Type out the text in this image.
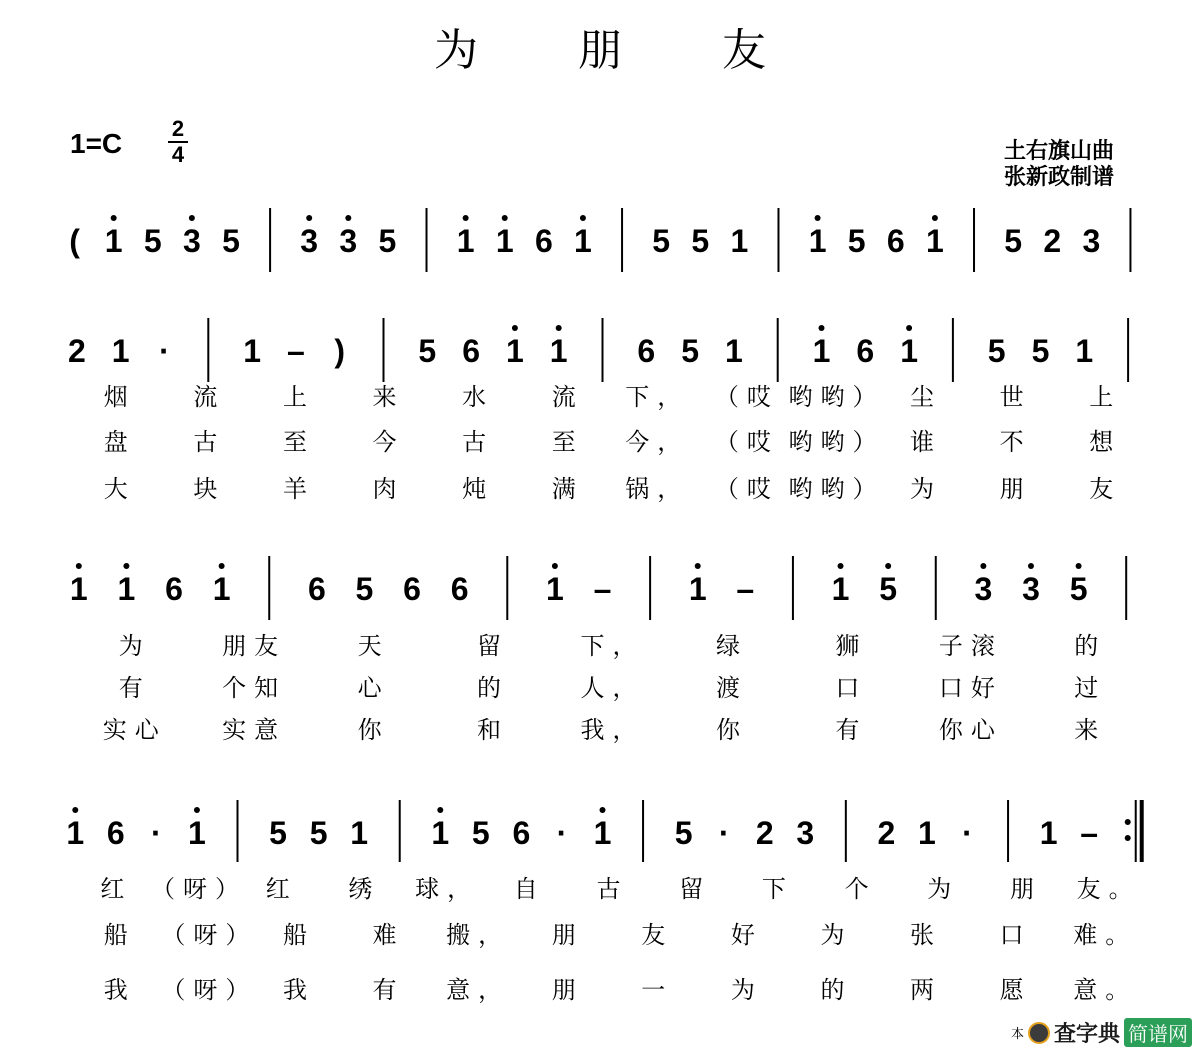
为朋友
1=C 2
4	土右旗山曲
张新政制谱
( 1 5 3 5 3 3 5 1 1 6 1 5 5 1 1 5 6 1 5 2 3
2 1 · 1 – ) 5 6 1 1 6 5 1 1 6 1 5 5 1
烟 流 上 来 水 流 下， （哎 哟哟） 尘 世 上
盘 古 至 今 古 至 今， （哎 哟哟） 谁 不 想
大 块 羊 肉 炖 满 锅， （哎 哟哟） 为 朋 友
1 1 6 1 6 5 6 6 1 – 1 – 1 5 3 3 5
为	朋友	天	留	下，	绿	狮	子滚	的
有	个知	心	的	人，	渡	口	口好	过
实心 实意	你	和	我，	你	有	你心	来
1 6 · 1 5 5 1 1 5 6 · 1 5 · 2 3 2 1 · 1 –
红 （呀） 红 绣 球， 自 古 留 下 个 为 朋 友。
船 （呀） 船 难 搬， 朋 友 好 为 张 口 难。
我 （呀） 我 有 意， 朋 一 为 的 两 愿 意。
本 查字典 简谱网
